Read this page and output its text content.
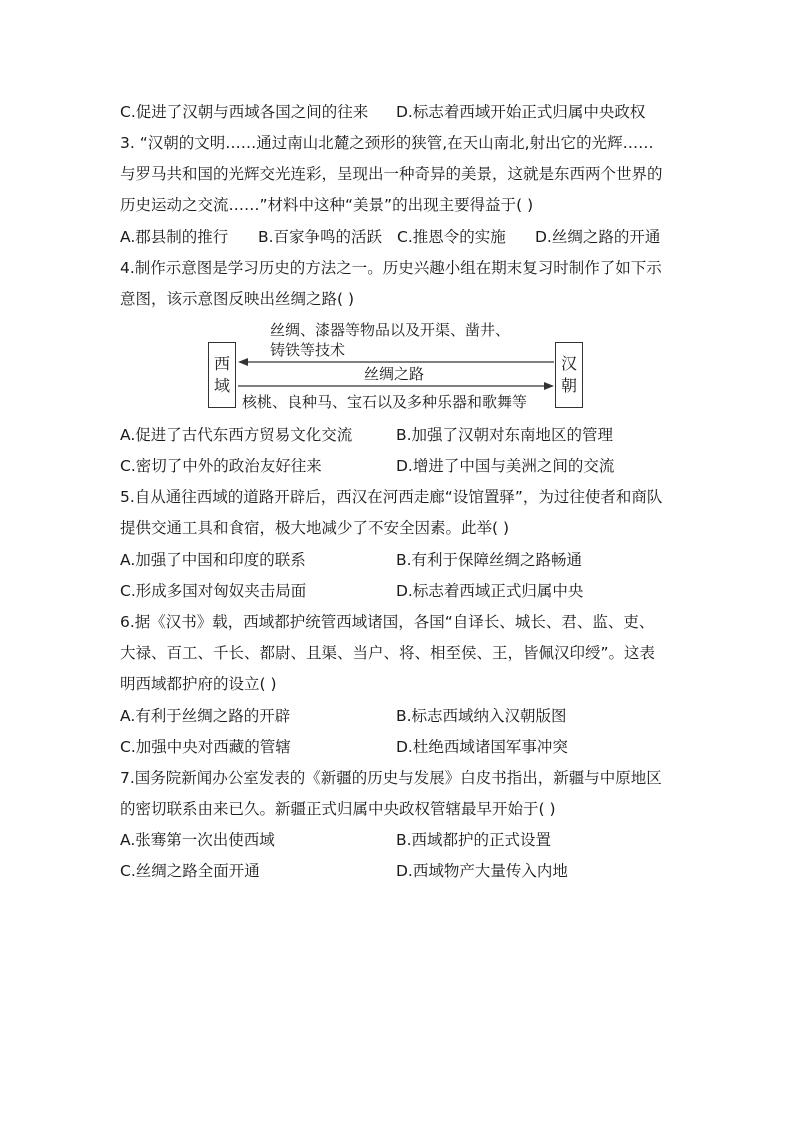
C.促进了汉朝与西域各国之间的往来 D.标志着西域开始正式归属中央政权
3. “汉朝的文明……通过南山北麓之颈形的狭管,在天山南北,射出它的光辉……
与罗马共和国的光辉交光连彩，呈现出一种奇异的美景，这就是东西两个世界的
历史运动之交流……”材料中这种“美景”的出现主要得益于( )
A.郡县制的推行 B.百家争鸣的活跃 C.推恩令的实施 D.丝绸之路的开通
4.制作示意图是学习历史的方法之一。历史兴趣小组在期末复习时制作了如下示
意图，该示意图反映出丝绸之路( )
西
域
汉
朝
丝绸、漆器等物品以及开渠、凿井、
铸铁等技术
丝绸之路
核桃、良种马、宝石以及多种乐器和歌舞等
A.促进了古代东西方贸易文化交流	B.加强了汉朝对东南地区的管理
C.密切了中外的政治友好往来	D.增进了中国与美洲之间的交流
5.自从通往西域的道路开辟后，西汉在河西走廊“设馆置驿”，为过往使者和商队
提供交通工具和食宿，极大地减少了不安全因素。此举( )
A.加强了中国和印度的联系	B.有利于保障丝绸之路畅通
C.形成多国对匈奴夹击局面	D.标志着西域正式归属中央
6.据《汉书》载，西域都护统管西域诸国，各国“自译长、城长、君、监、吏、
大禄、百工、千长、都尉、且渠、当户、将、相至侯、王，皆佩汉印绶”。这表
明西域都护府的设立( )
A.有利于丝绸之路的开辟	B.标志西域纳入汉朝版图
C.加强中央对西藏的管辖	D.杜绝西域诸国军事冲突
7.国务院新闻办公室发表的《新疆的历史与发展》白皮书指出，新疆与中原地区
的密切联系由来已久。新疆正式归属中央政权管辖最早开始于( )
A.张骞第一次出使西域	B.西域都护的正式设置
C.丝绸之路全面开通	D.西域物产大量传入内地
